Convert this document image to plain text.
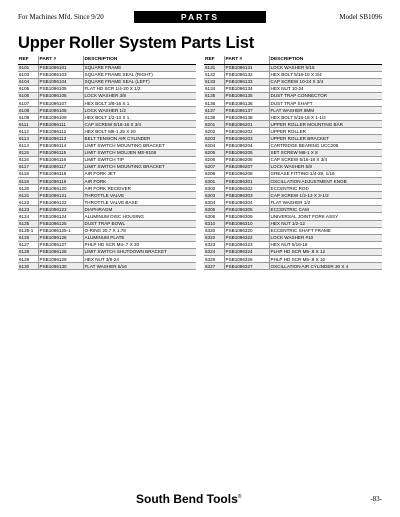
For Machines Mfd. Since 9/20	PARTS	Model SB1096
Upper Roller System Parts List
REF	PART #	DESCRIPTION
6101	PSB1096101	SQUARE FRAME
6103	PSB1096103	SQUARE FRAME SEAL (RIGHT)
6104	PSB1096104	SQUARE FRAME SEAL (LEFT)
6105	PSB1096105	FLAT HD SCR 1/4-20 X 1/2
6106	PSB1096106	LOCK WASHER 3/8
6107	PSB1096107	HEX BOLT 3/8-16 X 1
6108	PSB1096108	LOCK WASHER 1/2
6109	PSB1096109	HEX BOLT 1/2-13 X 1
6111	PSB1096111	CAP SCREW 5/16-18 X 3/4
6112	PSB1096112	HEX BOLT M8-1.25 X 20
6113	PSB1096113	BELT TENSION AIR CYLINDER
6114	PSB1096114	LIMIT SWITCH MOUNTING BRACKET
6115	PSB1096115	LIMIT SWITCH MOUJEN ME-8108
6116	PSB1096116	LIMIT SWITCH TIP
6117	PSB1096117	LIMIT SWITCH MOUNTING BRACKET
6118	PSB1096118	AIR FORK JET
6119	PSB1096119	AIR FORK
6120	PSB1096120	AIR FORK RECEIVER
6121	PSB1096121	THROTTLE VALVE
6122	PSB1096122	THROTTLE VALVE BASE
6123	PSB1096123	DIAPHRAGM
6124	PSB1096124	ALUMINUM DISC HOUSING
6125	PSB1096125	DUST TRAP BOWL
6125-1	PSB1096125-1	O-RING 20.7 X 1.78
6126	PSB1096126	ALUMINUM PLATE
6127	PSB1096127	PHLP HD SCR M4-.7 X 20
6128	PSB1096128	LIMIT SWITCH SHUTDOWN BRACKET
6129	PSB1096129	HEX NUT 3/8-24
6130	PSB1096130	FLAT WASHER 5/16
REF	PART #	DESCRIPTION
6131	PSB1096131	LOCK WASHER 5/16
6132	PSB1096132	HEX BOLT 5/16-18 X 3/4
6133	PSB1096133	CAP SCREW 10-24 X 3/4
6134	PSB1096134	HEX NUT 10-24
6135	PSB1096135	DUST TRAP CONNECTOR
6136	PSB1096136	DUST TRAP SHAFT
6137	PSB1096137	FLAT WASHER 8MM
6138	PSB1096138	HEX BOLT 5/16-18 X 1-1/2
6201	PSB1096201	UPPER ROLLER MOUNTING BAR
6202	PSB1096202	UPPER ROLLER
6203	PSB1096203	UPPER ROLLER BRACKET
6204	PSB1096204	CARTRIDGE BEARING UCC205
6205	PSB1096205	SET SCREW M8-1 X 8
6206	PSB1096206	CAP SCREW 5/16-18 X 3/4
6207	PSB1096207	LOCK WASHER 5/8
6208	PSB1096208	GREASE FITTING 1/4-28, 1/16
6301	PSB1096301	OSCILLATION ADJUSTMENT KNOB
6302	PSB1096302	ECCENTRIC ROD
6303	PSB1096303	CAP SCREW 1/2-13 X 3-1/2
6304	PSB1096304	FLAT WASHER 1/2
6305	PSB1096305	ECCENTRIC CAM
6306	PSB1096306	UNIVERSAL JOINT FORK ASSY
6310	PSB1096310	HEX NUT 1/2-12
6320	PSB1096320	ECCENTRIC SHAFT FRAME
6322	PSB1096322	LOCK WASHER #10
6323	PSB1096323	HEX NUT 5/16-18
6324	PSB1096324	PLHP HD SCR M5-.8 X 12
6326	PSB1096326	PHLP HD SCR M5-.8 X 10
6327	PSB1096327	OSCILLATION AIR CYLINDER 30 X 4
South Bend Tools®	-83-
